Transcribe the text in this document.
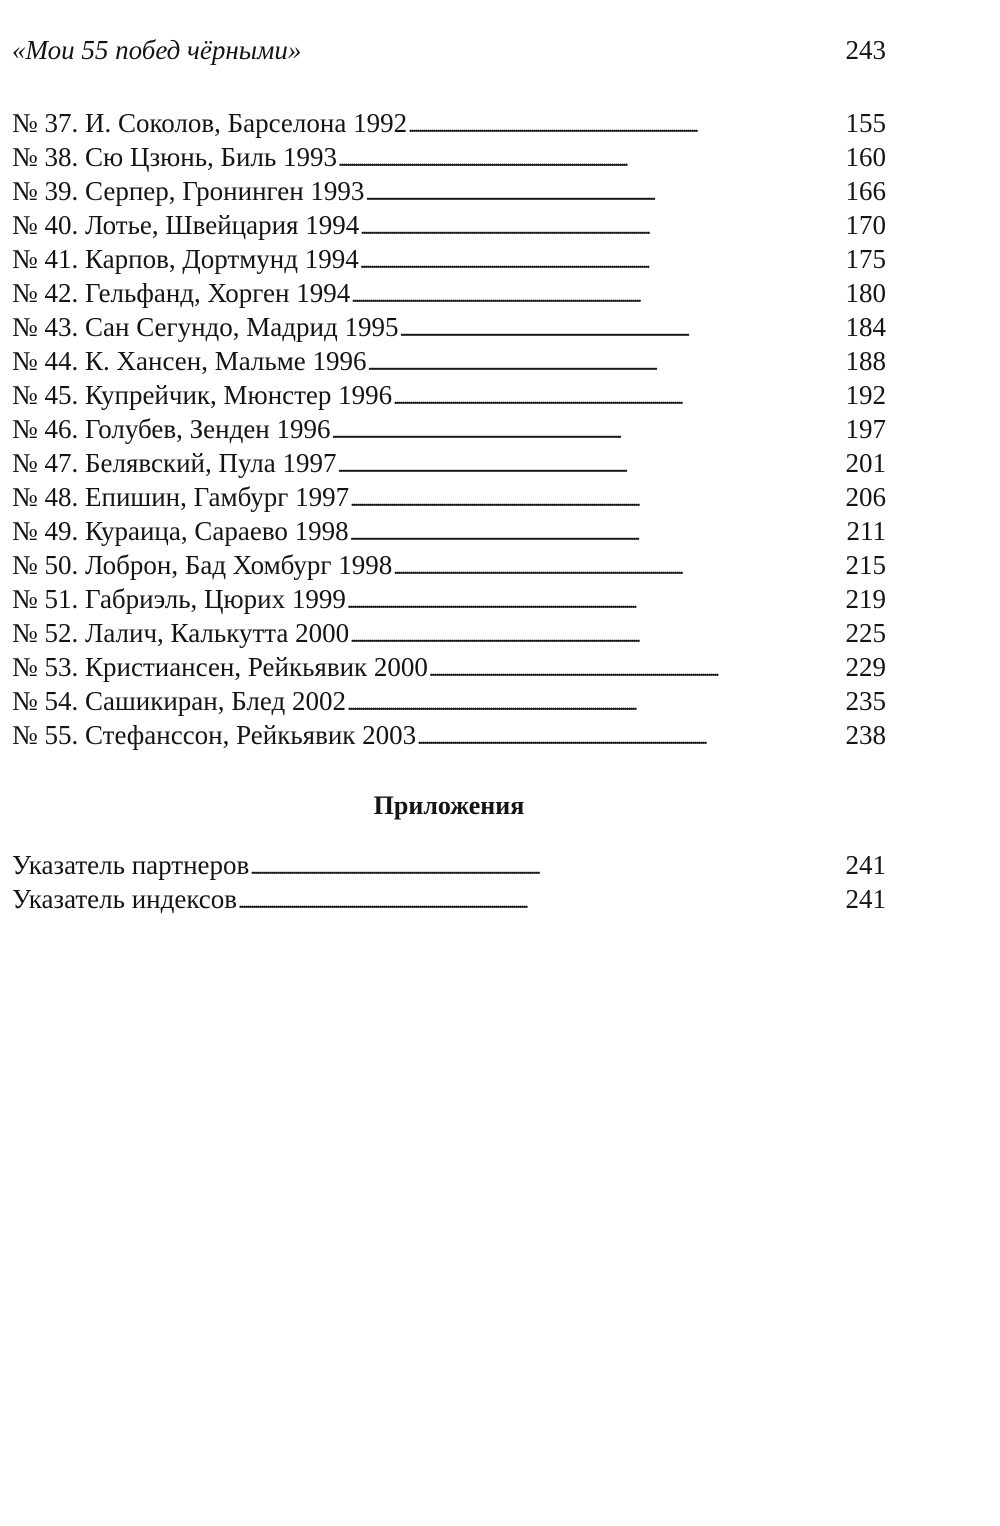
«Мои 55 побед чёрными»	243
№ 37. И. Соколов, Барселона 1992 . . .	155
№ 38. Сю Цзюнь, Биль 1993 . . .	160
№ 39. Серпер, Гронинген 1993 . . .	166
№ 40. Лотье, Швейцария 1994 . . .	170
№ 41. Карпов, Дортмунд 1994 . . .	175
№ 42. Гельфанд, Хорген 1994 . . .	180
№ 43. Сан Сегундо, Мадрид 1995 . . .	184
№ 44. К. Хансен, Мальме 1996 . . .	188
№ 45. Купрейчик, Мюнстер 1996 . . .	192
№ 46. Голубев, Зенден 1996 . . .	197
№ 47. Белявский, Пула 1997 . . .	201
№ 48. Епишин, Гамбург 1997 . . .	206
№ 49. Кураица, Сараево 1998 . . .	211
№ 50. Лоброн, Бад Хомбург 1998 . . .	215
№ 51. Габриэль, Цюрих 1999 . . .	219
№ 52. Лалич, Калькутта 2000 . . .	225
№ 53. Кристиансен, Рейкьявик 2000 . . .	229
№ 54. Сашикиран, Блед 2002 . . .	235
№ 55. Стефанссон, Рейкьявик 2003 . . .	238
Приложения
Указатель партнеров . . .	241
Указатель индексов . . .	241
